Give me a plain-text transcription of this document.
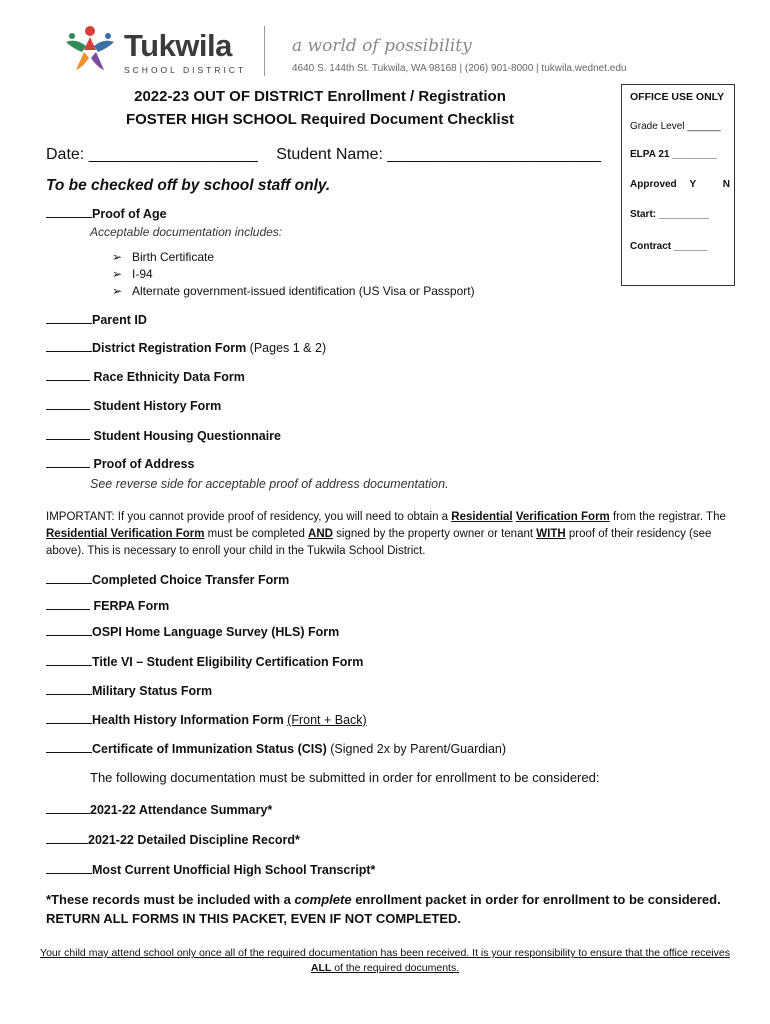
Tukwila
SCHOOL DISTRICT
a world of possibility
4640 S. 144th St. Tukwila, WA 98168 | (206) 901-8000 | tukwila.wednet.edu
2022-23 OUT OF DISTRICT Enrollment / Registration
FOSTER HIGH SCHOOL Required Document Checklist
OFFICE USE ONLY
Grade Level ______
ELPA 21 ________
Approved Y	N
Start: _________
Contract ______
Date: ___________________ Student Name: ________________________
To be checked off by school staff only.
Proof of Age
Acceptable documentation includes:
➢ Birth Certificate
➢ I-94
➢ Alternate government-issued identification (US Visa or Passport)
Parent ID
District Registration Form (Pages 1 & 2)
Race Ethnicity Data Form
Student History Form
Student Housing Questionnaire
Proof of Address
See reverse side for acceptable proof of address documentation.
IMPORTANT: If you cannot provide proof of residency, you will need to obtain a Residential Verification Form from the registrar. The Residential Verification Form must be completed AND signed by the property owner or tenant WITH proof of their residency (see above). This is necessary to enroll your child in the Tukwila School District.
Completed Choice Transfer Form
FERPA Form
OSPI Home Language Survey (HLS) Form
Title VI – Student Eligibility Certification Form
Military Status Form
Health History Information Form (Front + Back)
Certificate of Immunization Status (CIS) (Signed 2x by Parent/Guardian)
The following documentation must be submitted in order for enrollment to be considered:
2021-22 Attendance Summary*
2021-22 Detailed Discipline Record*
Most Current Unofficial High School Transcript*
*These records must be included with a complete enrollment packet in order for enrollment to be considered. RETURN ALL FORMS IN THIS PACKET, EVEN IF NOT COMPLETED.
Your child may attend school only once all of the required documentation has been received. It is your responsibility to ensure that the office receives ALL of the required documents.
